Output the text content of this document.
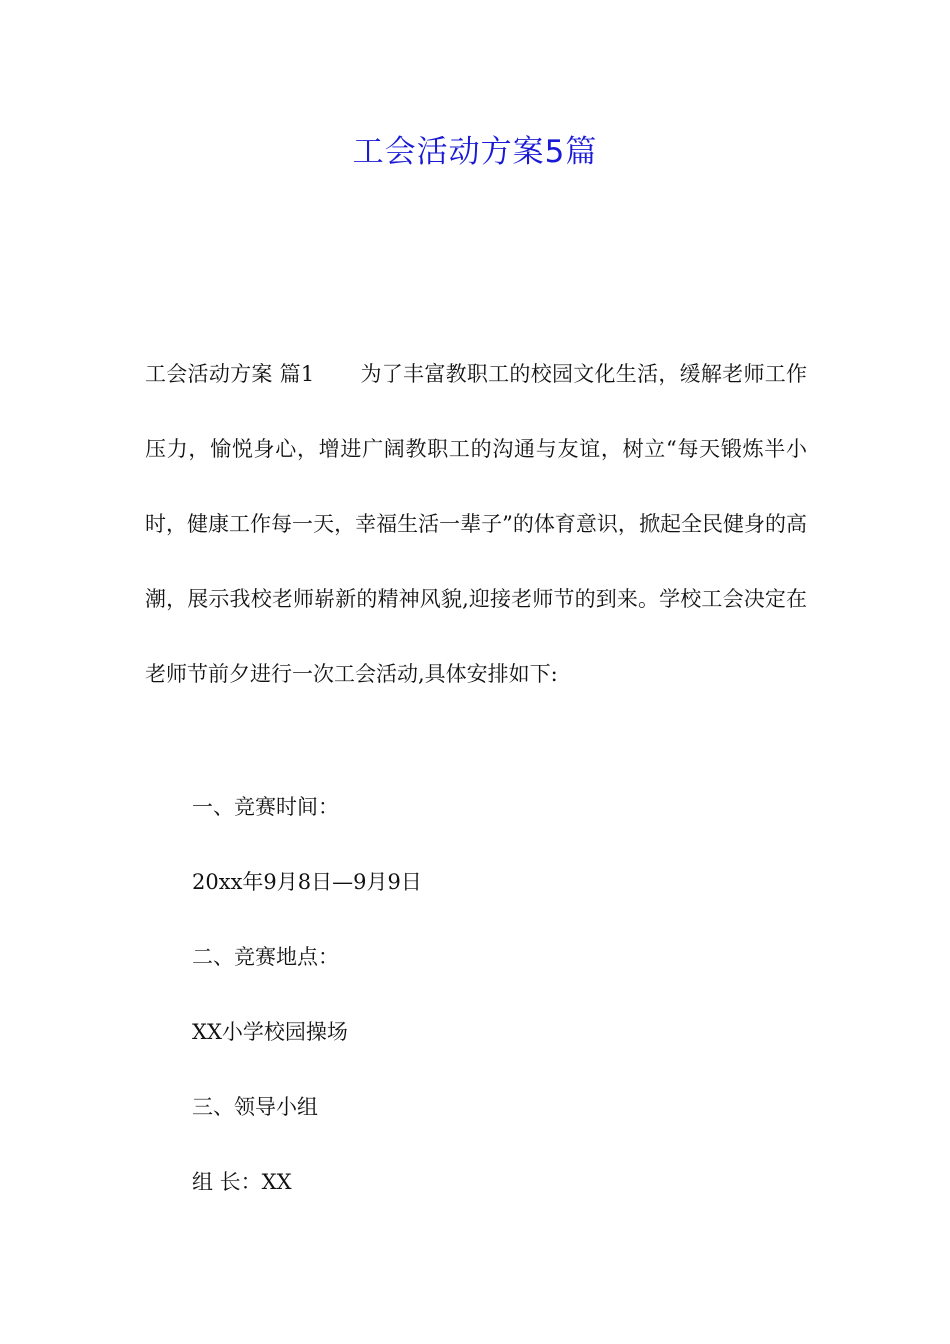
工会活动方案5篇

工会活动方案 篇1 为了丰富教职工的校园文化生活，缓解老师工作压力，愉悦身心，增进广阔教职工的沟通与友谊，树立“每天锻炼半小时，健康工作每一天，幸福生活一辈子”的体育意识，掀起全民健身的高潮，展示我校老师崭新的精神风貌,迎接老师节的到来。学校工会决定在老师节前夕进行一次工会活动,具体安排如下:

一、竞赛时间：

20xx年9月8日—9月9日

二、竞赛地点：

XX小学校园操场

三、领导小组

组 长：XX
